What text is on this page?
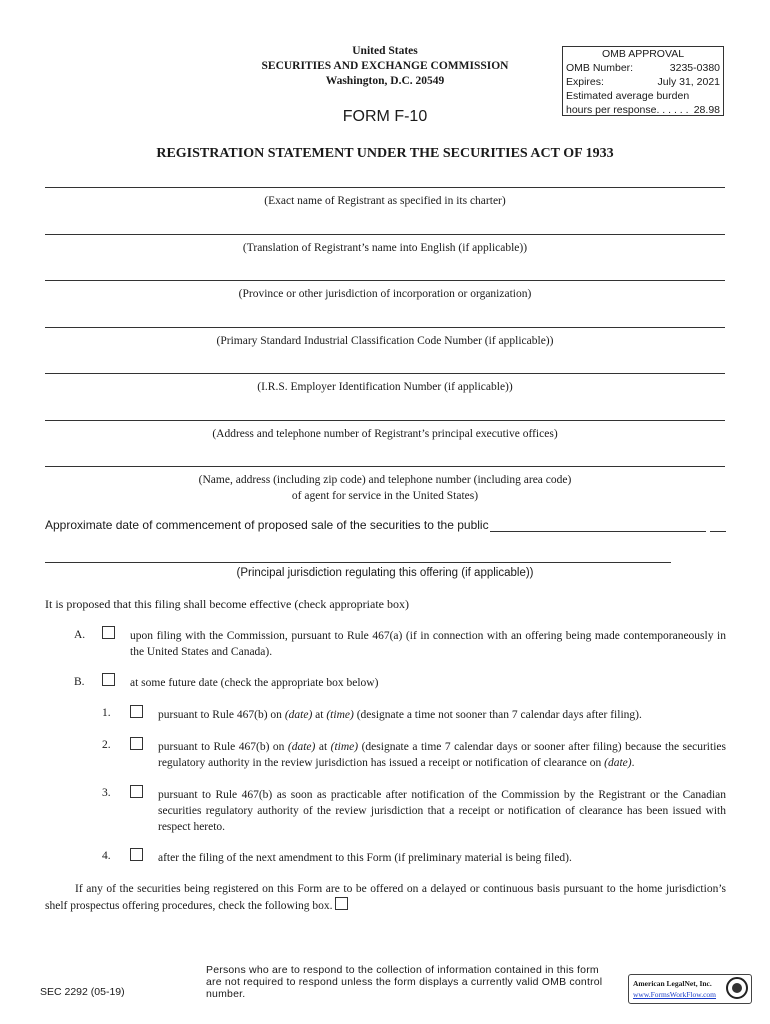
United States
SECURITIES AND EXCHANGE COMMISSION
Washington, D.C. 20549
FORM F-10
OMB APPROVAL
OMB Number:	3235-0380
Expires:	July 31, 2021
Estimated average burden
hours per response. . . . . . 28.98
REGISTRATION STATEMENT UNDER THE SECURITIES ACT OF 1933
(Exact name of Registrant as specified in its charter)
(Translation of Registrant’s name into English (if applicable))
(Province or other jurisdiction of incorporation or organization)
(Primary Standard Industrial Classification Code Number (if applicable))
(I.R.S. Employer Identification Number (if applicable))
(Address and telephone number of Registrant’s principal executive offices)
(Name, address (including zip code) and telephone number (including area code)
of agent for service in the United States)
Approximate date of commencement of proposed sale of the securities to the public
(Principal jurisdiction regulating this offering (if applicable))
It is proposed that this filing shall become effective (check appropriate box)
A.	upon filing with the Commission, pursuant to Rule 467(a) (if in connection with an offering being made contemporaneously in the United States and Canada).
B.	at some future date (check the appropriate box below)
1.	pursuant to Rule 467(b) on (date) at (time) (designate a time not sooner than 7 calendar days after filing).
2.	pursuant to Rule 467(b) on (date) at (time) (designate a time 7 calendar days or sooner after filing) because the securities regulatory authority in the review jurisdiction has issued a receipt or notification of clearance on (date).
3.	pursuant to Rule 467(b) as soon as practicable after notification of the Commission by the Registrant or the Canadian securities regulatory authority of the review jurisdiction that a receipt or notification of clearance has been issued with respect hereto.
4.	after the filing of the next amendment to this Form (if preliminary material is being filed).
If any of the securities being registered on this Form are to be offered on a delayed or continuous basis pursuant to the home jurisdiction’s shelf prospectus offering procedures, check the following box.
SEC 2292 (05-19)
Persons who are to respond to the collection of information contained in this form are not required to respond unless the form displays a currently valid OMB control number.
American LegalNet, Inc.
www.FormsWorkFlow.com
